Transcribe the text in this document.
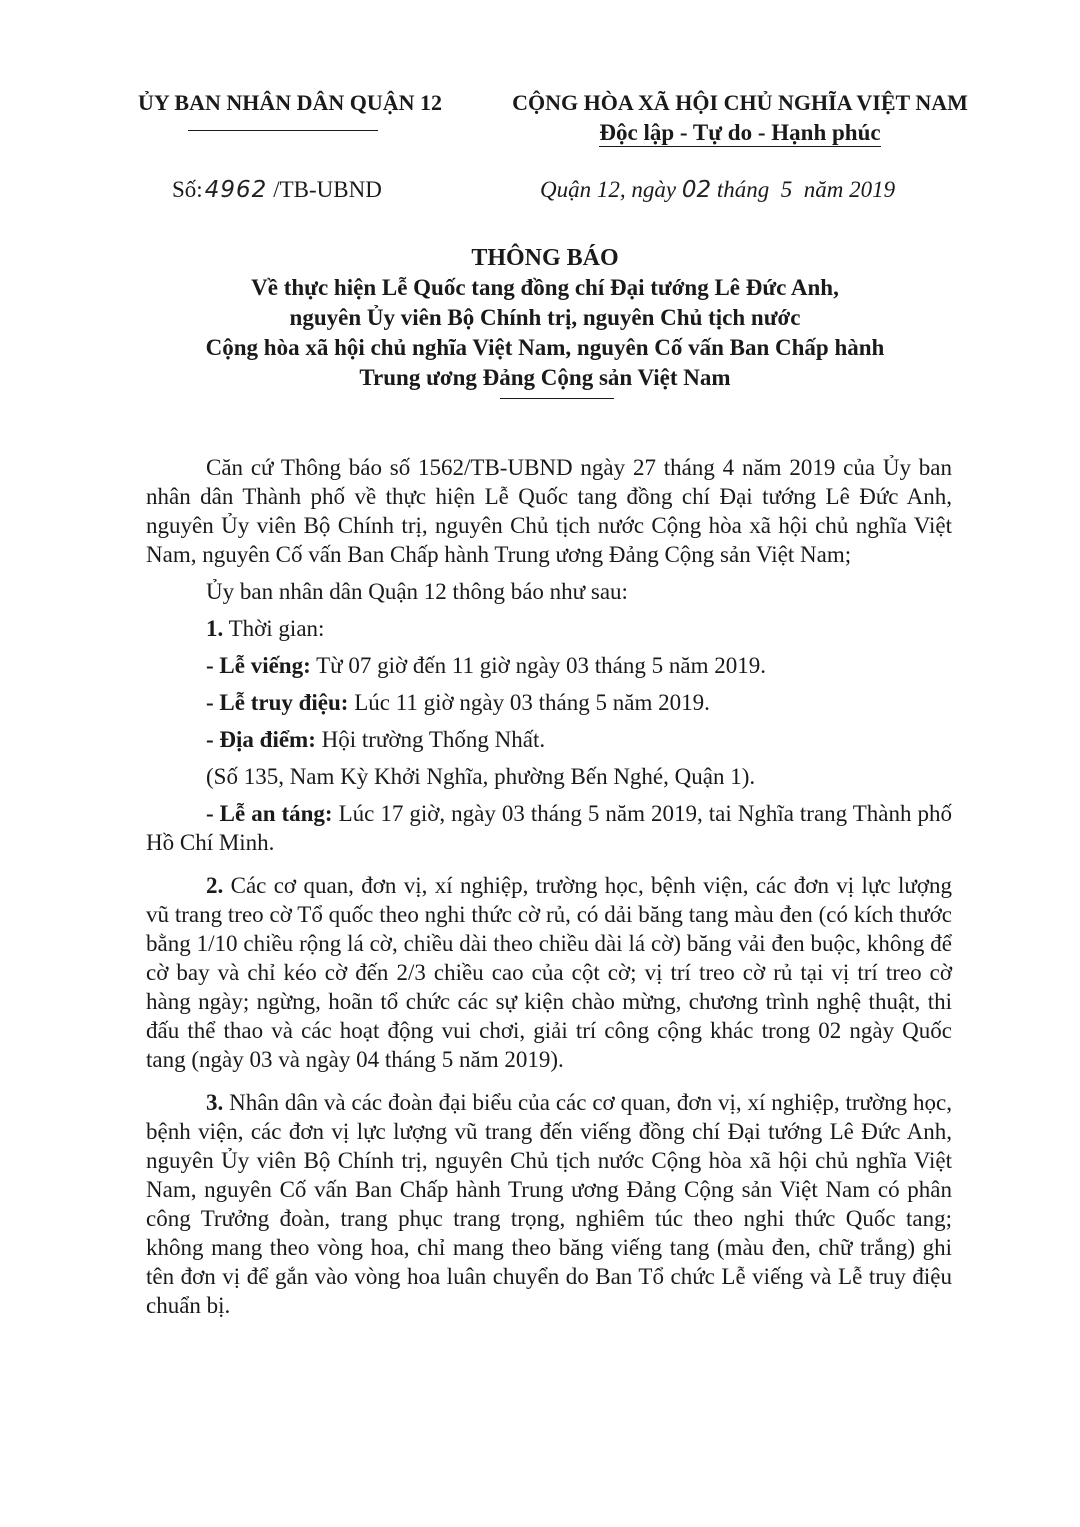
ỦY BAN NHÂN DÂN QUẬN 12	CỘNG HÒA XÃ HỘI CHỦ NGHĨA VIỆT NAM
Độc lập - Tự do - Hạnh phúc
Số:4962 /TB-UBND	Quận 12, ngày 02 tháng  5  năm 2019
THÔNG BÁO
Về thực hiện Lễ Quốc tang đồng chí Đại tướng Lê Đức Anh,
nguyên Ủy viên Bộ Chính trị, nguyên Chủ tịch nước
Cộng hòa xã hội chủ nghĩa Việt Nam, nguyên Cố vấn Ban Chấp hành
Trung ương Đảng Cộng sản Việt Nam

Căn cứ Thông báo số 1562/TB-UBND ngày 27 tháng 4 năm 2019 của Ủy ban nhân dân Thành phố về thực hiện Lễ Quốc tang đồng chí Đại tướng Lê Đức Anh, nguyên Ủy viên Bộ Chính trị, nguyên Chủ tịch nước Cộng hòa xã hội chủ nghĩa Việt Nam, nguyên Cố vấn Ban Chấp hành Trung ương Đảng Cộng sản Việt Nam;

Ủy ban nhân dân Quận 12 thông báo như sau:

1. Thời gian:

- Lễ viếng: Từ 07 giờ đến 11 giờ ngày 03 tháng 5 năm 2019.

- Lễ truy điệu: Lúc 11 giờ ngày 03 tháng 5 năm 2019.

- Địa điểm: Hội trường Thống Nhất.

(Số 135, Nam Kỳ Khởi Nghĩa, phường Bến Nghé, Quận 1).

- Lễ an táng: Lúc 17 giờ, ngày 03 tháng 5 năm 2019, tai Nghĩa trang Thành phố Hồ Chí Minh.

2. Các cơ quan, đơn vị, xí nghiệp, trường học, bệnh viện, các đơn vị lực lượng vũ trang treo cờ Tổ quốc theo nghi thức cờ rủ, có dải băng tang màu đen (có kích thước bằng 1/10 chiều rộng lá cờ, chiều dài theo chiều dài lá cờ) băng vải đen buộc, không để cờ bay và chỉ kéo cờ đến 2/3 chiều cao của cột cờ; vị trí treo cờ rủ tại vị trí treo cờ hàng ngày; ngừng, hoãn tổ chức các sự kiện chào mừng, chương trình nghệ thuật, thi đấu thể thao và các hoạt động vui chơi, giải trí công cộng khác trong 02 ngày Quốc tang (ngày 03 và ngày 04 tháng 5 năm 2019).

3. Nhân dân và các đoàn đại biểu của các cơ quan, đơn vị, xí nghiệp, trường học, bệnh viện, các đơn vị lực lượng vũ trang đến viếng đồng chí Đại tướng Lê Đức Anh, nguyên Ủy viên Bộ Chính trị, nguyên Chủ tịch nước Cộng hòa xã hội chủ nghĩa Việt Nam, nguyên Cố vấn Ban Chấp hành Trung ương Đảng Cộng sản Việt Nam có phân công Trưởng đoàn, trang phục trang trọng, nghiêm túc theo nghi thức Quốc tang; không mang theo vòng hoa, chỉ mang theo băng viếng tang (màu đen, chữ trắng) ghi tên đơn vị để gắn vào vòng hoa luân chuyển do Ban Tổ chức Lễ viếng và Lễ truy điệu chuẩn bị.
